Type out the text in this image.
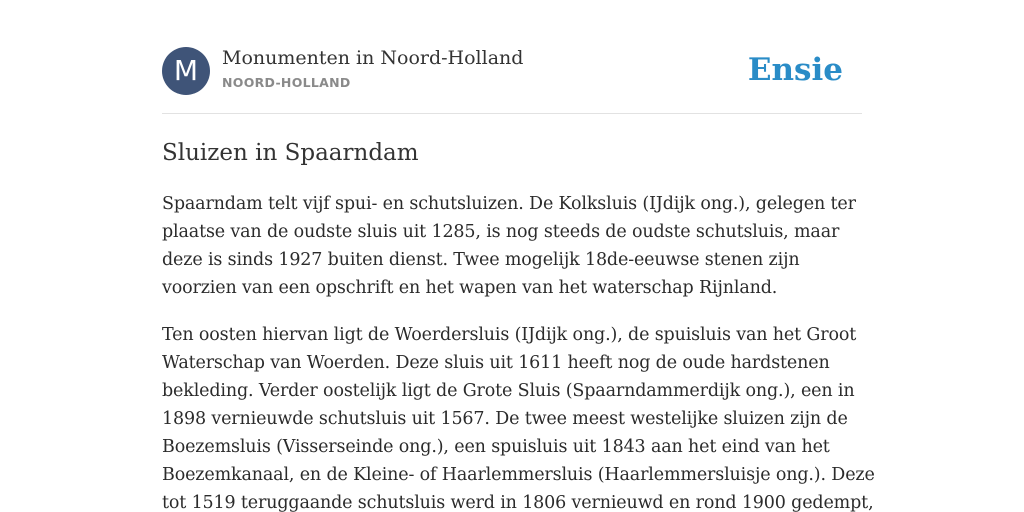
M	Monumenten in Noord-Holland
NOORD-HOLLAND	Ensie
Sluizen in Spaarndam

Spaarndam telt vijf spui- en schutsluizen. De Kolksluis (IJdijk ong.), gelegen ter
plaatse van de oudste sluis uit 1285, is nog steeds de oudste schutsluis, maar
deze is sinds 1927 buiten dienst. Twee mogelijk 18de-eeuwse stenen zijn
voorzien van een opschrift en het wapen van het waterschap Rijnland.

Ten oosten hiervan ligt de Woerdersluis (IJdijk ong.), de spuisluis van het Groot
Waterschap van Woerden. Deze sluis uit 1611 heeft nog de oude hardstenen
bekleding. Verder oostelijk ligt de Grote Sluis (Spaarndammerdijk ong.), een in
1898 vernieuwde schutsluis uit 1567. De twee meest westelijke sluizen zijn de
Boezemsluis (Visserseinde ong.), een spuisluis uit 1843 aan het eind van het
Boezemkanaal, en de Kleine- of Haarlemmersluis (Haarlemmersluisje ong.). Deze
tot 1519 teruggaande schutsluis werd in 1806 vernieuwd en rond 1900 gedempt,
